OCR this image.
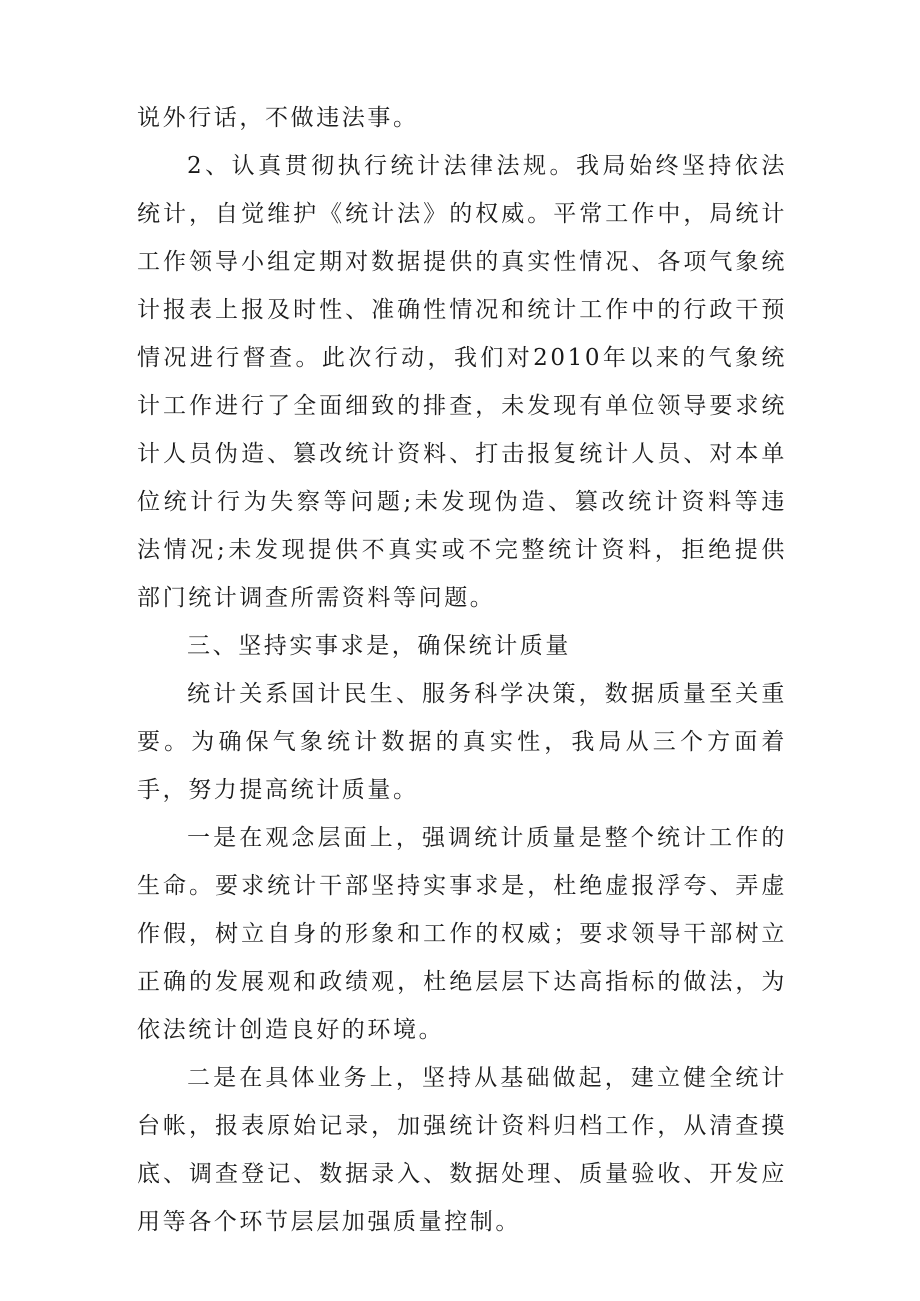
说外行话，不做违法事。

2、认真贯彻执行统计法律法规。我局始终坚持依法统计，自觉维护《统计法》的权威。平常工作中，局统计工作领导小组定期对数据提供的真实性情况、各项气象统计报表上报及时性、准确性情况和统计工作中的行政干预情况进行督查。此次行动，我们对2010年以来的气象统计工作进行了全面细致的排查，未发现有单位领导要求统计人员伪造、篡改统计资料、打击报复统计人员、对本单位统计行为失察等问题;未发现伪造、篡改统计资料等违法情况;未发现提供不真实或不完整统计资料，拒绝提供部门统计调查所需资料等问题。

三、坚持实事求是，确保统计质量

统计关系国计民生、服务科学决策，数据质量至关重要。为确保气象统计数据的真实性，我局从三个方面着手，努力提高统计质量。

一是在观念层面上，强调统计质量是整个统计工作的生命。要求统计干部坚持实事求是，杜绝虚报浮夸、弄虚作假，树立自身的形象和工作的权威；要求领导干部树立正确的发展观和政绩观，杜绝层层下达高指标的做法，为依法统计创造良好的环境。

二是在具体业务上，坚持从基础做起，建立健全统计台帐，报表原始记录，加强统计资料归档工作，从清查摸底、调查登记、数据录入、数据处理、质量验收、开发应用等各个环节层层加强质量控制。
